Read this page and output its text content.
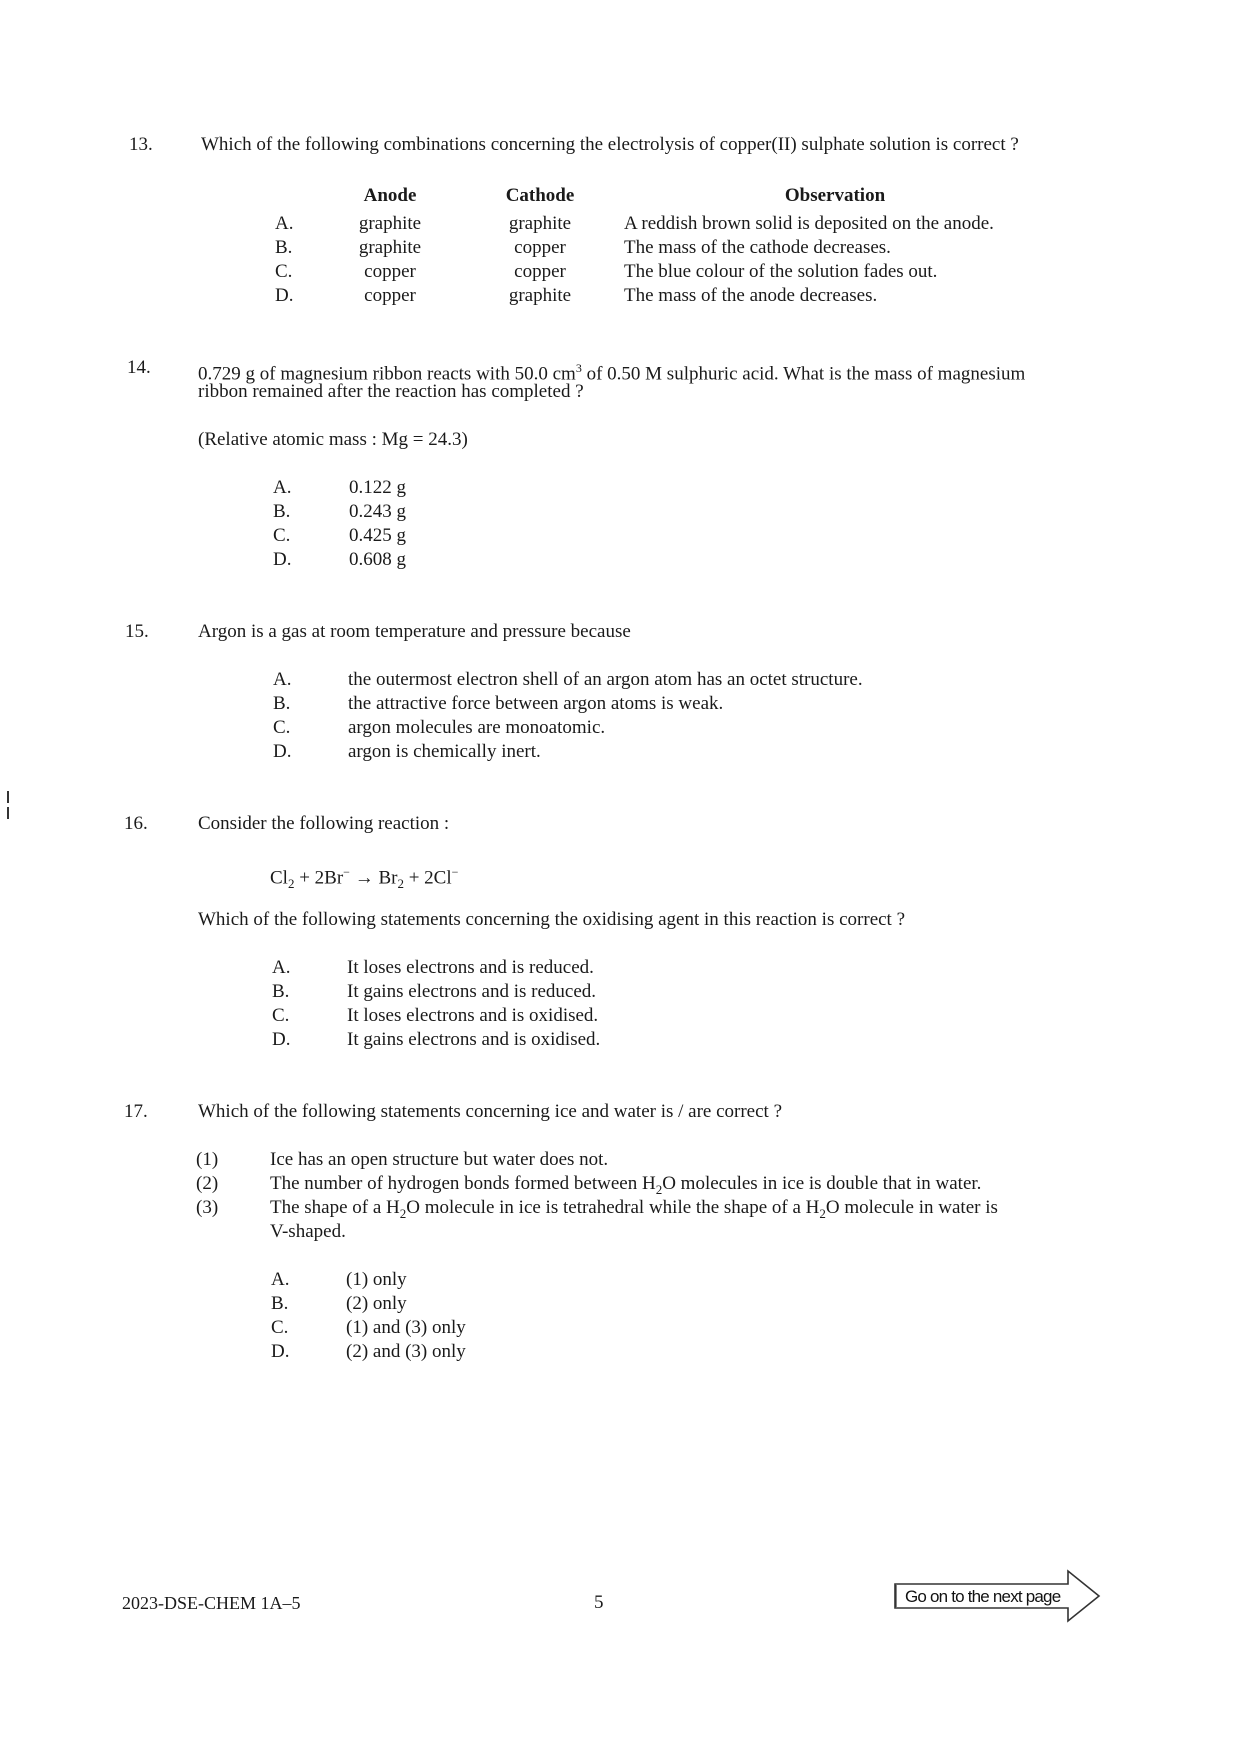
13.	Which of the following combinations concerning the electrolysis of copper(II) sulphate solution is correct ?
Anode	Cathode	Observation
A.	graphite	graphite	A reddish brown solid is deposited on the anode.
B.	graphite	copper	The mass of the cathode decreases.
C.	copper	copper	The blue colour of the solution fades out.
D.	copper	graphite	The mass of the anode decreases.
14. 0.729 g of magnesium ribbon reacts with 50.0 $cm^3$ of 0.50 M sulphuric acid. What is the mass of magnesium
ribbon remained after the reaction has completed ?
(Relative atomic mass : Mg = 24.3)
A.	0.122 g
B.	0.243 g
C.	0.425 g
D.	0.608 g
15.	Argon is a gas at room temperature and pressure because
A.	the outermost electron shell of an argon atom has an octet structure.
B.	the attractive force between argon atoms is weak.
C.	argon molecules are monoatomic.
D.	argon is chemically inert.
16.	Consider the following reaction :
$Cl_2 + 2Br^- \to Br_2 + 2Cl^-$
Which of the following statements concerning the oxidising agent in this reaction is correct ?
A.	It loses electrons and is reduced.
B.	It gains electrons and is reduced.
C.	It loses electrons and is oxidised.
D.	It gains electrons and is oxidised.
17.	Which of the following statements concerning ice and water is / are correct ?
(1)	Ice has an open structure but water does not.
(2)	The number of hydrogen bonds formed between $H_2O$ molecules in ice is double that in water.
(3)	The shape of a $H_2O$ molecule in ice is tetrahedral while the shape of a $H_2O$ molecule in water is
V-shaped.
A.	(1) only
B.	(2) only
C.	(1) and (3) only
D.	(2) and (3) only
2023-DSE-CHEM 1A–5	5	Go on to the next page
